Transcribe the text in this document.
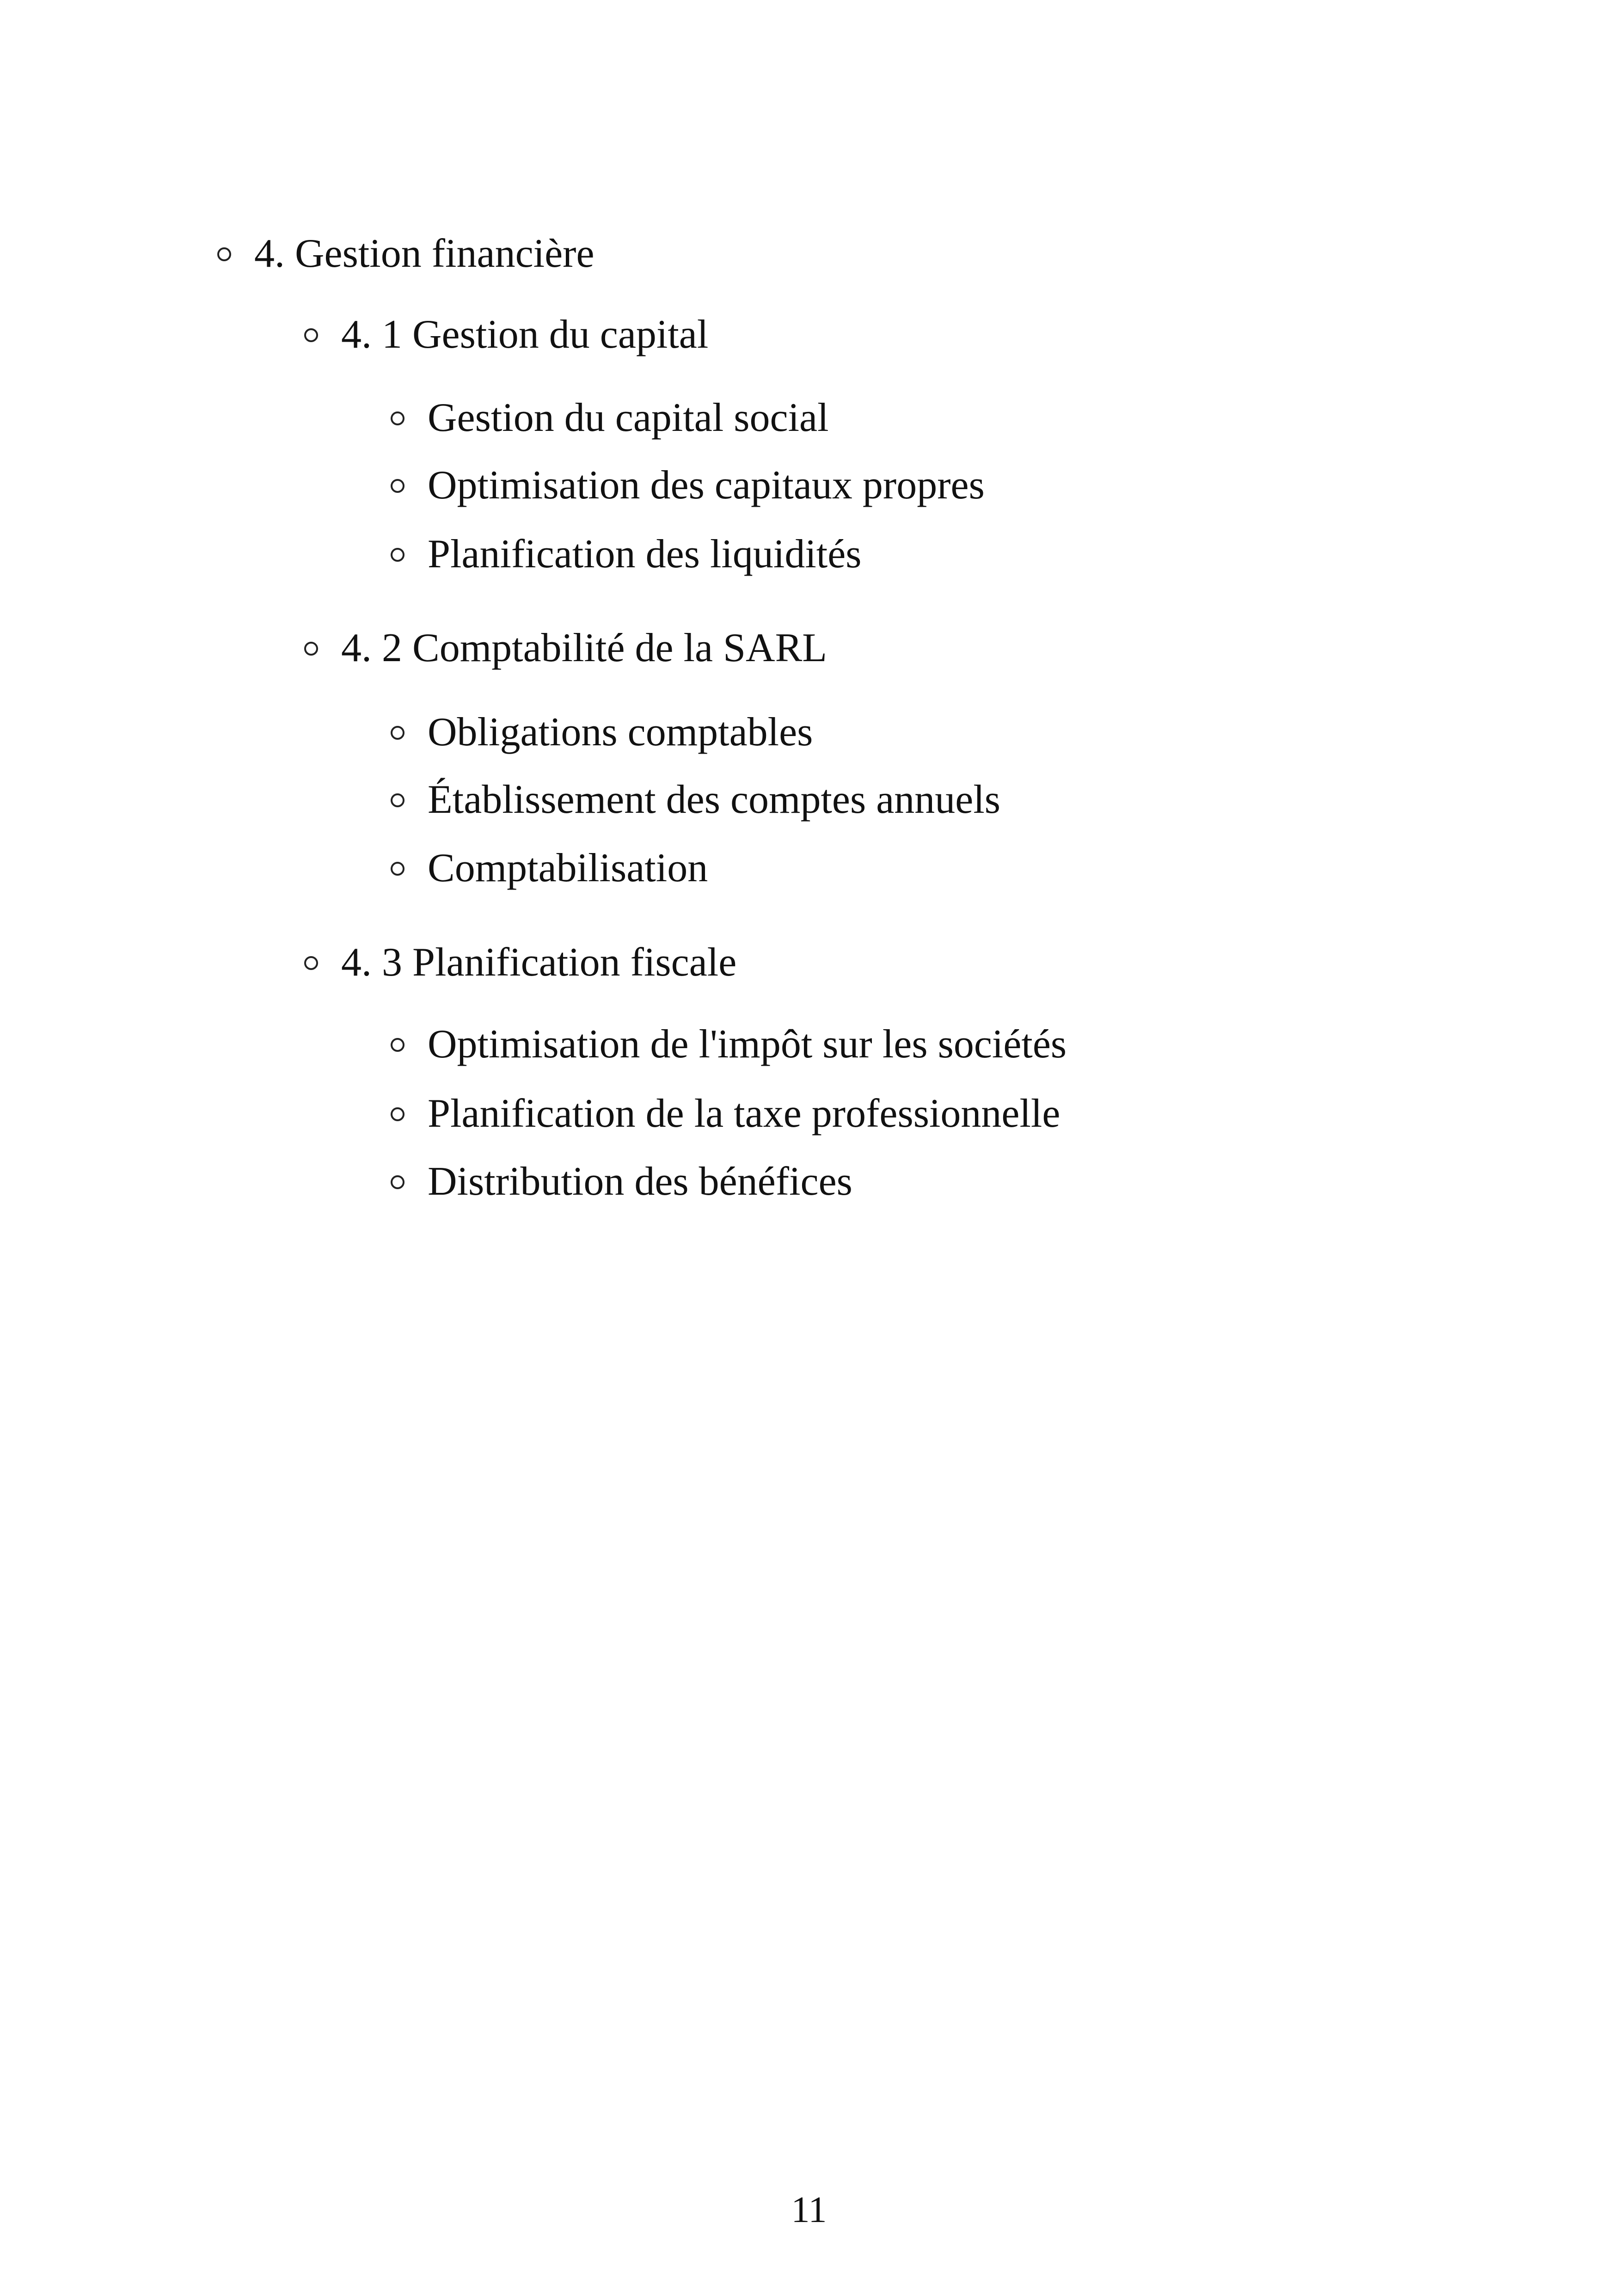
4. Gestion financière
4. 1 Gestion du capital
Gestion du capital social
Optimisation des capitaux propres
Planification des liquidités
4. 2 Comptabilité de la SARL
Obligations comptables
Établissement des comptes annuels
Comptabilisation
4. 3 Planification fiscale
Optimisation de l'impôt sur les sociétés
Planification de la taxe professionnelle
Distribution des bénéfices
11
